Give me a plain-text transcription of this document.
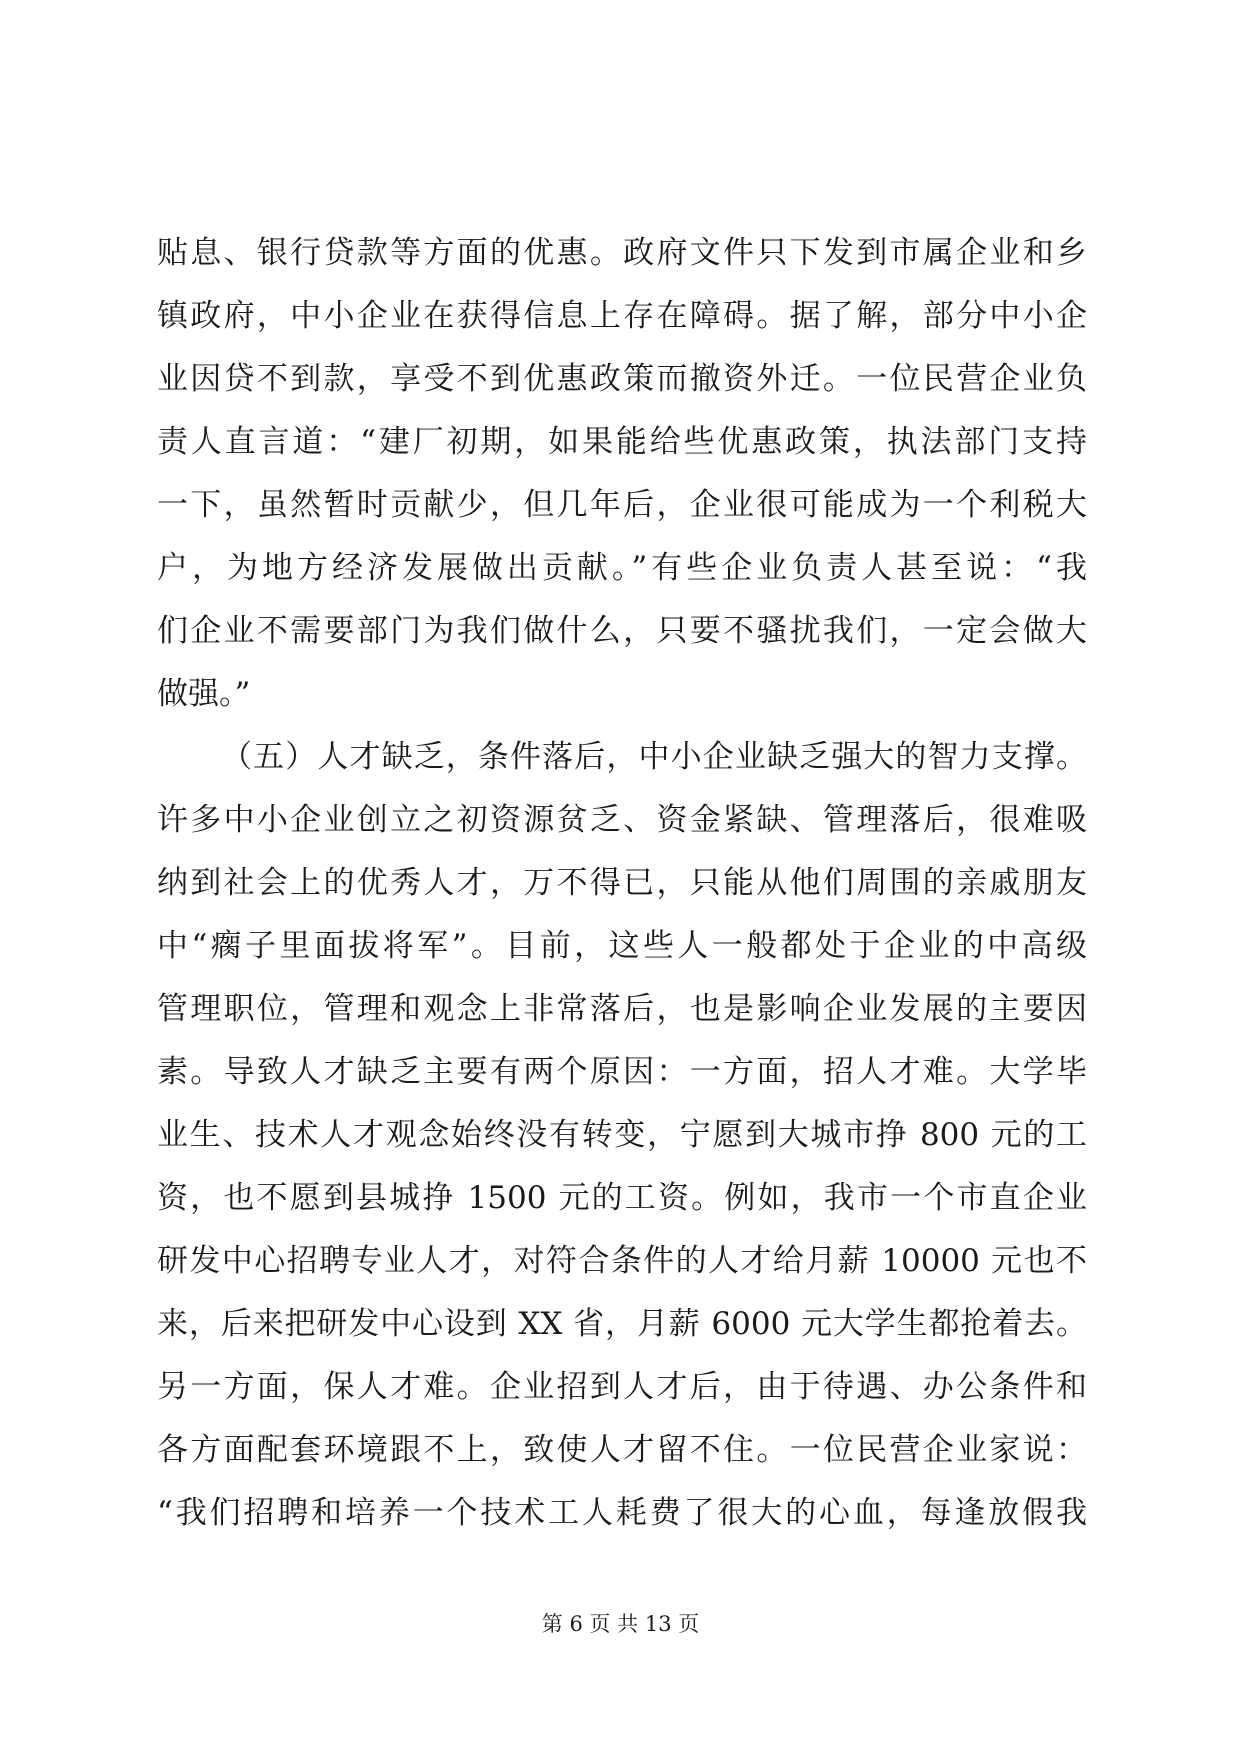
贴息、银行贷款等方面的优惠。政府文件只下发到市属企业和乡
镇政府，中小企业在获得信息上存在障碍。据了解，部分中小企
业因贷不到款，享受不到优惠政策而撤资外迁。一位民营企业负
责人直言道：“建厂初期，如果能给些优惠政策，执法部门支持
一下，虽然暂时贡献少，但几年后，企业很可能成为一个利税大
户，为地方经济发展做出贡献。”有些企业负责人甚至说：“我
们企业不需要部门为我们做什么，只要不骚扰我们，一定会做大
做强。”
（五）人才缺乏，条件落后，中小企业缺乏强大的智力支撑。
许多中小企业创立之初资源贫乏、资金紧缺、管理落后，很难吸
纳到社会上的优秀人才，万不得已，只能从他们周围的亲戚朋友
中“瘸子里面拔将军”。目前，这些人一般都处于企业的中高级
管理职位，管理和观念上非常落后，也是影响企业发展的主要因
素。导致人才缺乏主要有两个原因：一方面，招人才难。大学毕
业生、技术人才观念始终没有转变，宁愿到大城市挣 800 元的工
资，也不愿到县城挣 1500 元的工资。例如，我市一个市直企业
研发中心招聘专业人才，对符合条件的人才给月薪 10000 元也不
来，后来把研发中心设到 XX 省，月薪 6000 元大学生都抢着去。
另一方面，保人才难。企业招到人才后，由于待遇、办公条件和
各方面配套环境跟不上，致使人才留不住。一位民营企业家说：
“我们招聘和培养一个技术工人耗费了很大的心血，每逢放假我
第 6 页 共 13 页
